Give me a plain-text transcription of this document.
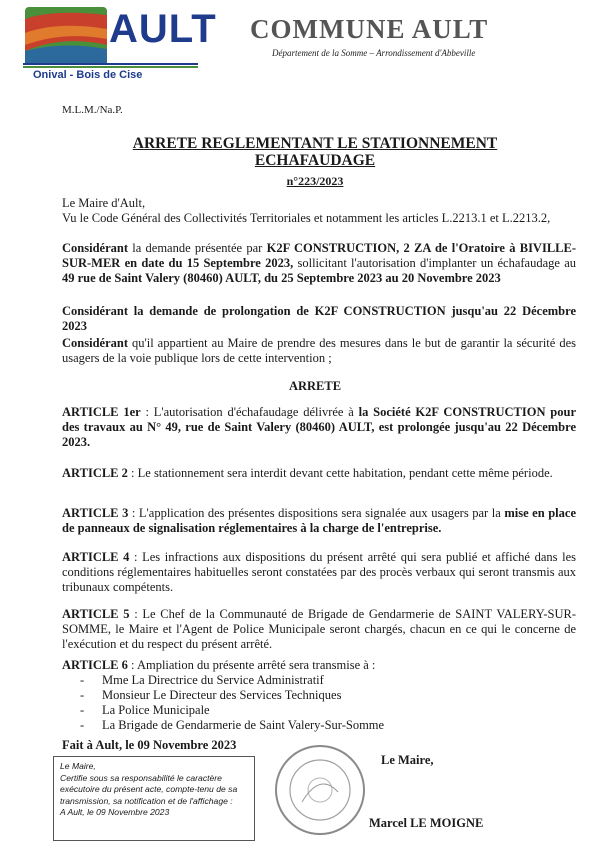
AULT
Onival - Bois de Cise
COMMUNE AULT
Département de la Somme – Arrondissement d'Abbeville
M.L.M./Na.P.
ARRETE REGLEMENTANT LE STATIONNEMENT
ECHAFAUDAGE
n°223/2023
Le Maire d'Ault,
Vu le Code Général des Collectivités Territoriales et notamment les articles L.2213.1 et L.2213.2,
Considérant la demande présentée par K2F CONSTRUCTION, 2 ZA de l'Oratoire à BIVILLE-SUR-MER en date du 15 Septembre 2023, sollicitant l'autorisation d'implanter un échafaudage au 49 rue de Saint Valery (80460) AULT, du 25 Septembre 2023 au 20 Novembre 2023
Considérant la demande de prolongation de K2F CONSTRUCTION jusqu'au 22 Décembre 2023
Considérant qu'il appartient au Maire de prendre des mesures dans le but de garantir la sécurité des usagers de la voie publique lors de cette intervention ;
ARRETE
ARTICLE 1er : L'autorisation d'échafaudage délivrée à la Société K2F CONSTRUCTION pour des travaux au N° 49, rue de Saint Valery (80460) AULT, est prolongée jusqu'au 22 Décembre 2023.
ARTICLE 2 : Le stationnement sera interdit devant cette habitation, pendant cette même période.
ARTICLE 3 : L'application des présentes dispositions sera signalée aux usagers par la mise en place de panneaux de signalisation réglementaires à la charge de l'entreprise.
ARTICLE 4 : Les infractions aux dispositions du présent arrêté qui sera publié et affiché dans les conditions réglementaires habituelles seront constatées par des procès verbaux qui seront transmis aux tribunaux compétents.
ARTICLE 5 : Le Chef de la Communauté de Brigade de Gendarmerie de SAINT VALERY-SUR-SOMME, le Maire et l'Agent de Police Municipale seront chargés, chacun en ce qui le concerne de l'exécution et du respect du présent arrêté.
ARTICLE 6 : Ampliation du présente arrêté sera transmise à :
-	Mme La Directrice du Service Administratif
-	Monsieur Le Directeur des Services Techniques
-	La Police Municipale
-	La Brigade de Gendarmerie de Saint Valery-Sur-Somme
Fait à Ault, le 09 Novembre 2023
Le Maire,
Certifie sous sa responsabilité le caractère exécutoire du présent acte, compte-tenu de sa transmission, sa notification et de l'affichage :
A Ault, le 09 Novembre 2023
Le Maire,
Marcel LE MOIGNE
